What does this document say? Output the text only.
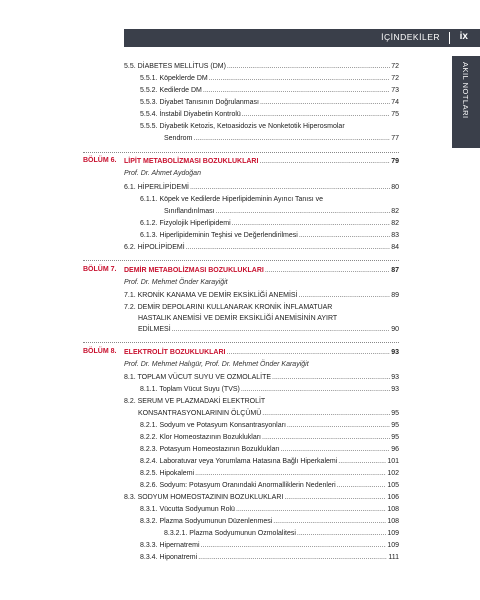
İÇİNDEKİLER ix
AKIL NOTLARI
5.5. DİABETES MELLİTUS (DM) .....	72
5.5.1. Köpeklerde DM .....	72
5.5.2. Kedilerde DM .....	73
5.5.3. Diyabet Tanısının Doğrulanması .....	74
5.5.4. İnstabil Diyabetin Kontrolü .....	75
5.5.5. Diyabetik Ketozis, Ketoasidozis ve Nonketotik Hiperosmolar
Sendrom .....	77
BÖLÜM 6. LİPİT METABOLİZMASI BOZUKLUKLARI .....	79
Prof. Dr. Ahmet Aydoğan
6.1. HİPERLİPİDEMİ .....	80
6.1.1. Köpek ve Kedilerde Hiperlipideminin Ayırıcı Tanısı ve
Sınıflandırılması .....	82
6.1.2. Fizyolojik Hiperlipidemi .....	82
6.1.3. Hiperlipideminin Teşhisi ve Değerlendirilmesi .....	83
6.2. HİPOLİPİDEMİ .....	84
BÖLÜM 7. DEMİR METABOLİZMASI BOZUKLUKLARI .....	87
Prof. Dr. Mehmet Önder Karayiğit
7.1. KRONİK KANAMA VE DEMİR EKSİKLİĞİ ANEMİSİ .....	89
7.2. DEMİR DEPOLARINI KULLANARAK KRONİK İNFLAMATUAR
HASTALIK ANEMİSİ VE DEMİR EKSİKLİĞİ ANEMİSİNİN AYIRT
EDİLMESİ .....	90
BÖLÜM 8. ELEKTROLİT BOZUKLUKLARI .....	93
Prof. Dr. Mehmet Halıgür, Prof. Dr. Mehmet Önder Karayiğit
8.1. TOPLAM VÜCUT SUYU VE OZMOLALİTE .....	93
8.1.1. Toplam Vücut Suyu (TVS) .....	93
8.2. SERUM VE PLAZMADAKİ ELEKTROLİT
KONSANTRASYONLARININ ÖLÇÜMÜ .....	95
8.2.1. Sodyum ve Potasyum Konsantrasyonları .....	95
8.2.2. Klor Homeostazının Bozuklukları .....	95
8.2.3. Potasyum Homeostazının Bozuklukları .....	96
8.2.4. Laboratuvar veya Yorumlama Hatasına Bağlı Hiperkalemi .....	101
8.2.5. Hipokalemi .....	102
8.2.6. Sodyum: Potasyum Oranındaki Anormalliklerin Nedenleri .....	105
8.3. SODYUM HOMEOSTAZININ BOZUKLUKLARI .....	106
8.3.1. Vücutta Sodyumun Rolü .....	108
8.3.2. Plazma Sodyumunun Düzenlenmesi .....	108
8.3.2.1. Plazma Sodyumunun Ozmolalitesi .....	109
8.3.3. Hipernatremi .....	109
8.3.4. Hiponatremi .....	111
